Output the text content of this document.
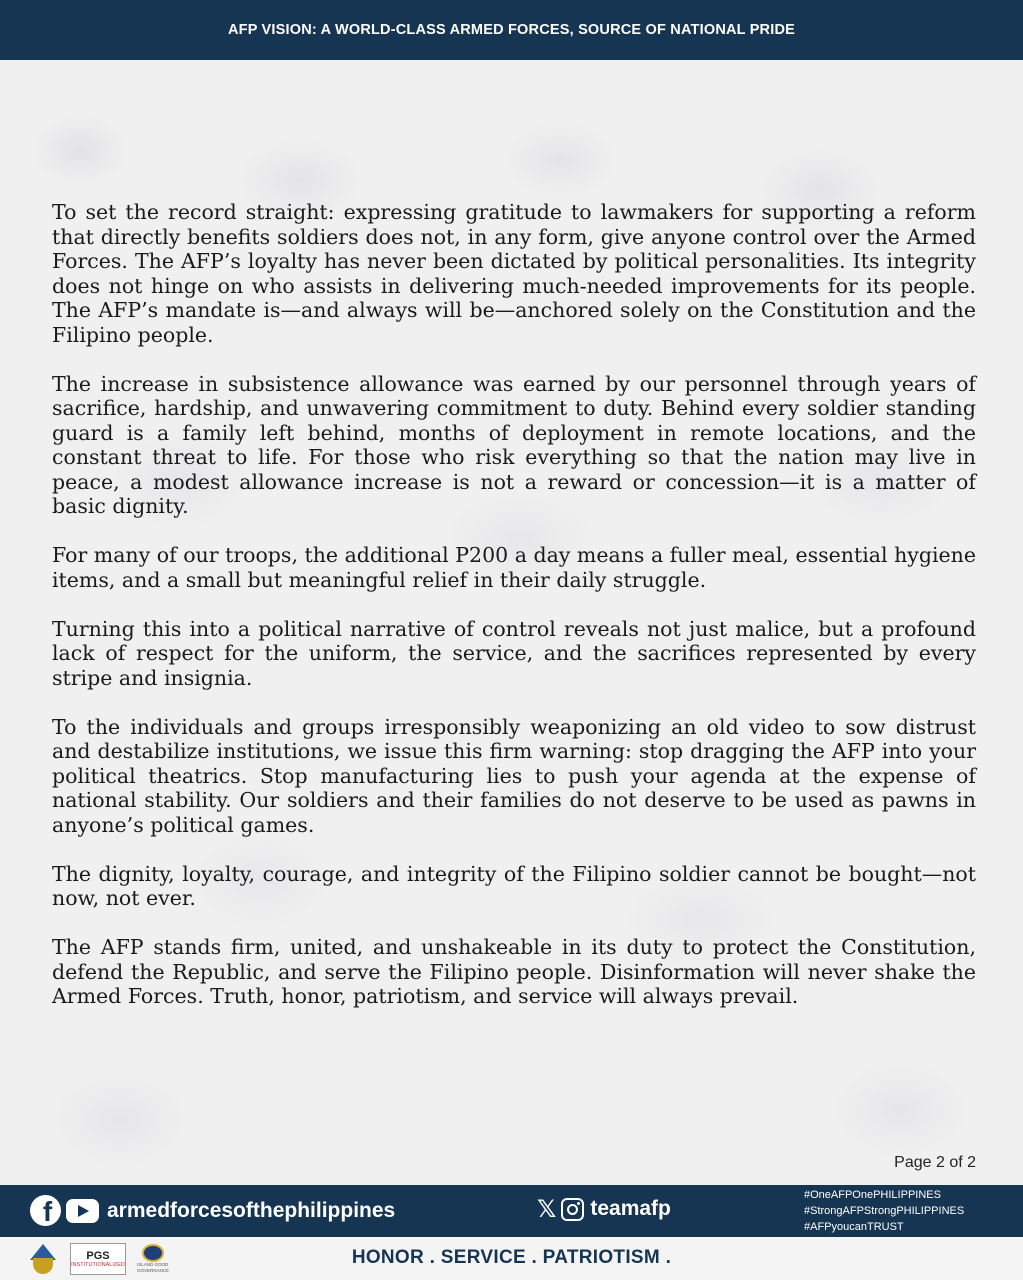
AFP VISION: A WORLD-CLASS ARMED FORCES, SOURCE OF NATIONAL PRIDE

To set the record straight: expressing gratitude to lawmakers for supporting a reform that directly benefits soldiers does not, in any form, give anyone control over the Armed Forces. The AFP’s loyalty has never been dictated by political personalities. Its integrity does not hinge on who assists in delivering much-needed improvements for its people. The AFP’s mandate is—and always will be—anchored solely on the Constitution and the Filipino people.

The increase in subsistence allowance was earned by our personnel through years of sacrifice, hardship, and unwavering commitment to duty. Behind every soldier standing guard is a family left behind, months of deployment in remote locations, and the constant threat to life. For those who risk everything so that the nation may live in peace, a modest allowance increase is not a reward or concession—it is a matter of basic dignity.

For many of our troops, the additional P200 a day means a fuller meal, essential hygiene items, and a small but meaningful relief in their daily struggle.

Turning this into a political narrative of control reveals not just malice, but a profound lack of respect for the uniform, the service, and the sacrifices represented by every stripe and insignia.

To the individuals and groups irresponsibly weaponizing an old video to sow distrust and destabilize institutions, we issue this firm warning: stop dragging the AFP into your political theatrics. Stop manufacturing lies to push your agenda at the expense of national stability. Our soldiers and their families do not deserve to be used as pawns in anyone’s political games.

The dignity, loyalty, courage, and integrity of the Filipino soldier cannot be bought—not now, not ever.

The AFP stands firm, united, and unshakeable in its duty to protect the Constitution, defend the Republic, and serve the Filipino people. Disinformation will never shake the Armed Forces. Truth, honor, patriotism, and service will always prevail.

Page 2 of 2
f	armedforcesofthephilippines	𝕏 teamafp
#OneAFPOnePHILIPPINES
#StrongAFPStrongPHILIPPINES
#AFPyoucanTRUST
PGS
INSTITUTIONALIZED	ISLAND GOOD GOVERNANCE
HONOR . SERVICE . PATRIOTISM .
